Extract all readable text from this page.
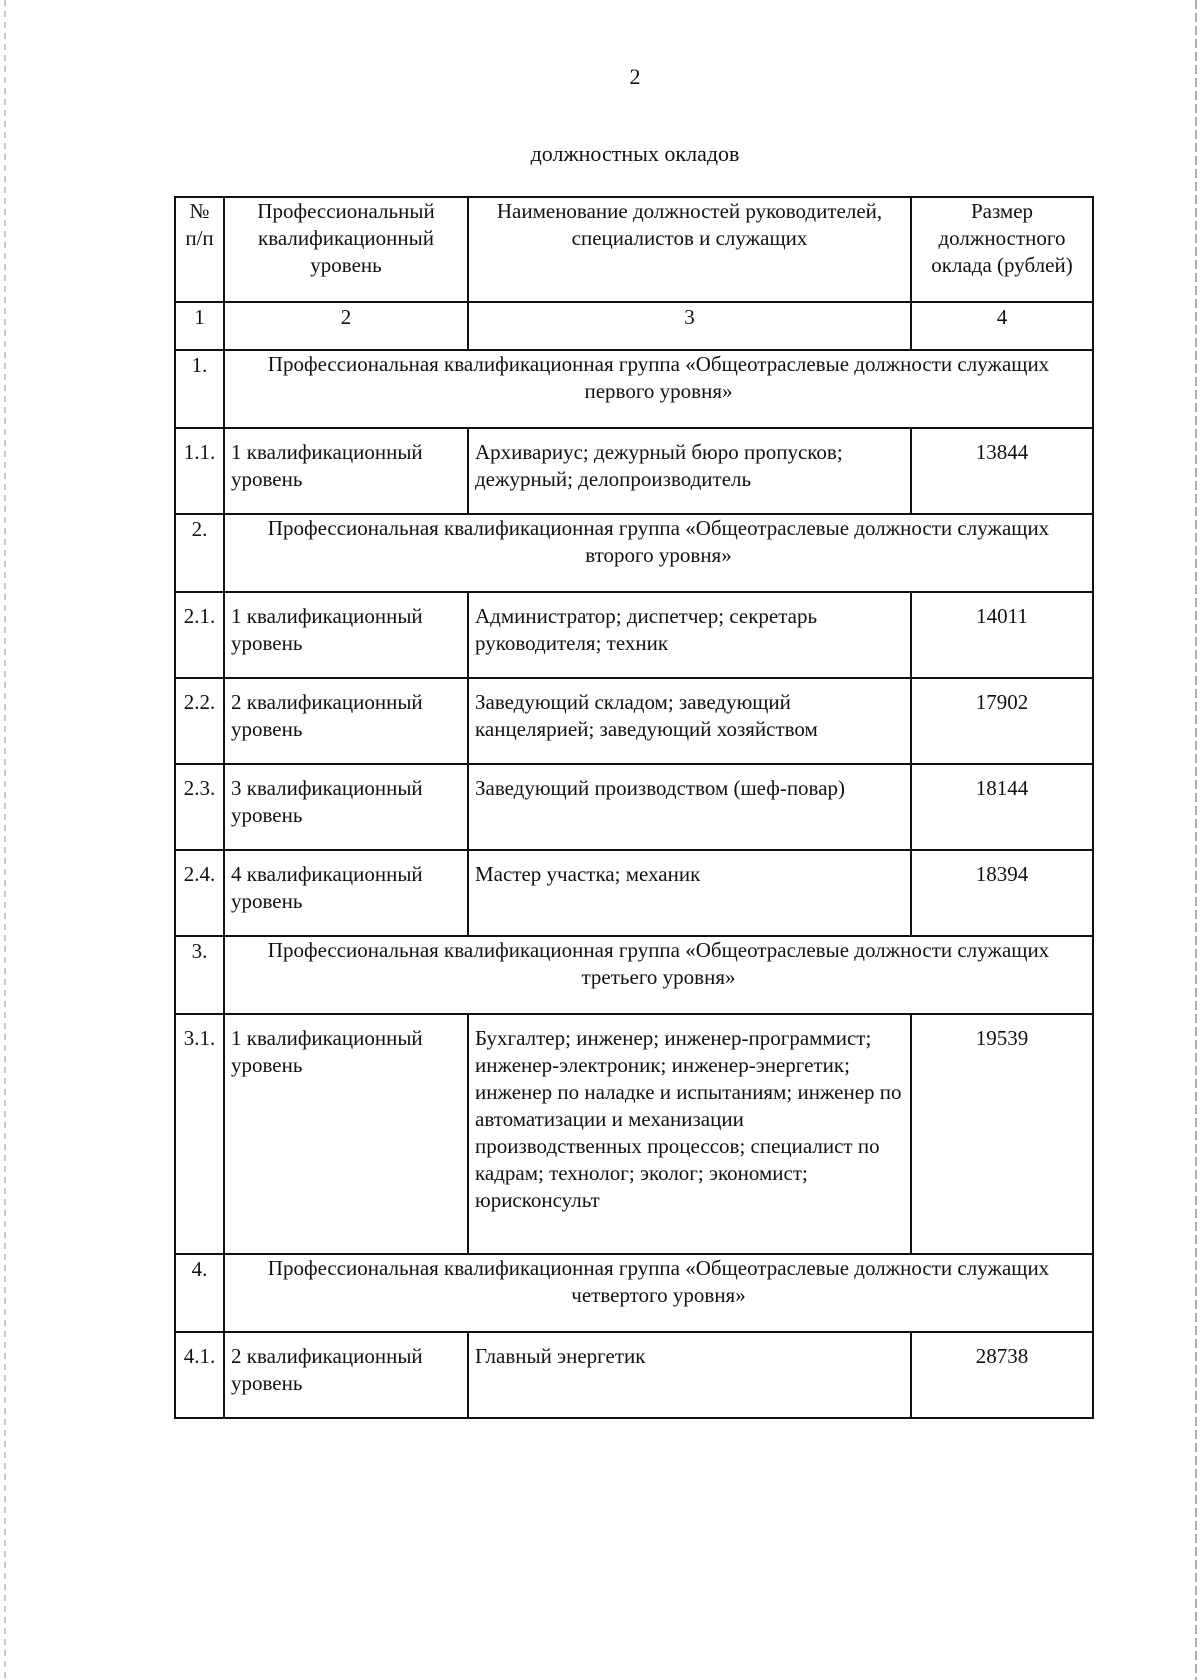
2
должностных окладов
№ п/п	Профессиональный квалификационный уровень	Наименование должностей руководителей, специалистов и служащих	Размер должностного оклада (рублей)
1	2	3	4
1.	Профессиональная квалификационная группа «Общеотраслевые должности служащих первого уровня»		
1.1.	1 квалификационный уровень	Архивариус; дежурный бюро пропусков; дежурный; делопроизводитель	13844
2.	Профессиональная квалификационная группа «Общеотраслевые должности служащих второго уровня»		
2.1.	1 квалификационный уровень	Администратор; диспетчер; секретарь руководителя; техник	14011
2.2.	2 квалификационный уровень	Заведующий складом; заведующий канцелярией; заведующий хозяйством	17902
2.3.	3 квалификационный уровень	Заведующий производством (шеф-повар)	18144
2.4.	4 квалификационный уровень	Мастер участка; механик	18394
3.	Профессиональная квалификационная группа «Общеотраслевые должности служащих третьего уровня»		
3.1.	1 квалификационный уровень	Бухгалтер; инженер; инженер-программист; инженер-электроник; инженер-энергетик; инженер по наладке и испытаниям; инженер по автоматизации и механизации производственных процессов; специалист по кадрам; технолог; эколог; экономист; юрисконсульт	19539
4.	Профессиональная квалификационная группа «Общеотраслевые должности служащих четвертого уровня»		
4.1.	2 квалификационный уровень	Главный энергетик	28738
